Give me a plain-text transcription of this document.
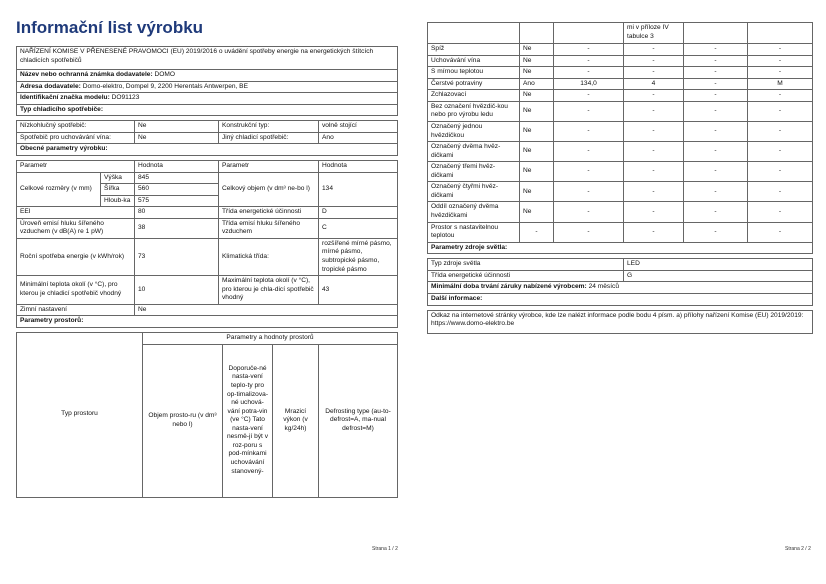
Informační list výrobku
NAŘÍZENÍ KOMISE V PŘENESENÉ PRAVOMOCI (EU) 2019/2016 o uvádění spotřeby energie na energetických štítcích chladicích spotřebičů
Název nebo ochranná známka dodavatele: DOMO
Adresa dodavatele: Domo-elektro, Dompel 9, 2200 Herentals Antwerpen, BE
Identifikační značka modelu: DO91123
Typ chladicího spotřebiče:
Nízkohlučný spotřebič:	Ne	Konstrukční typ:	volně stojící
Spotřebič pro uchovávání vína:	Ne	Jiný chladicí spotřebič:	Ano
Obecné parametry výrobku:			
Parametr		Hodnota	Parametr	Hodnota
Celkové rozměry (v mm)	Výška	845	Celkový objem (v dm³ ne-bo l)	134
	Šířka	560		
	Hloub-ka	575		
EEI		80	Třída energetické účinnosti	D
Úroveň emisí hluku šířeného vzduchem (v dB(A) re 1 pW)		38	Třída emisí hluku šířeného vzduchem	C
Roční spotřeba energie (v kWh/rok)		73	Klimatická třída:	rozšířené mírné pásmo, mírné pásmo, subtropické pásmo, tropické pásmo
Minimální teplota okolí (v °C), pro kterou je chladicí spotřebič vhodný		10	Maximální teplota okolí (v °C), pro kterou je chla-dicí spotřebič vhodný	43
Zimní nastavení		Ne		
Parametry prostorů:				
Typ prostoru	Parametry a hodnoty prostorů			
	Objem prosto-ru (v dm³ nebo l)	Doporuče-né nasta-vení teplo-ty pro op-timalizova-né uchová-vání potra-vin (ve °C) Tato nasta-vení nesmě-jí být v roz-poru s pod-mínkami uchovávání stanovený-	Mrazicí výkon (v kg/24h)	Defrosting type (au-to-defrost=A, ma-nual defrost=M)
Strana 1 / 2
			mi v příloze IV tabulce 3		
Spíž	Ne	-	-	-	-
Uchovávání vína	Ne	-	-	-	-
S mírnou teplotou	Ne	-	-	-	-
Čerstvé potraviny	Ano	134,0	4	-	M
Zchlazovací	Ne	-	-	-	-
Bez označení hvězdič-kou nebo pro výrobu ledu	Ne	-	-	-	-
Označený jednou hvězdičkou	Ne	-	-	-	-
Označený dvěma hvěz-dičkami	Ne	-	-	-	-
Označený třemi hvěz-dičkami	Ne	-	-	-	-
Označený čtyřmi hvěz-dičkami	Ne	-	-	-	-
Oddíl označený dvěma hvězdičkami	Ne	-	-	-	-
Prostor s nastavitelnou teplotou	-	-	-	-	-
Parametry zdroje světla:					
Typ zdroje světla	LED
Třída energetické účinnosti	G
Minimální doba trvání záruky nabízené výrobcem: 24 měsíců	
Další informace:	
Odkaz na internetové stránky výrobce, kde lze nalézt informace podle bodu 4 písm. a) přílohy nařízení Komise (EU) 2019/2019: https://www.domo-elektro.be
Strana 2 / 2
